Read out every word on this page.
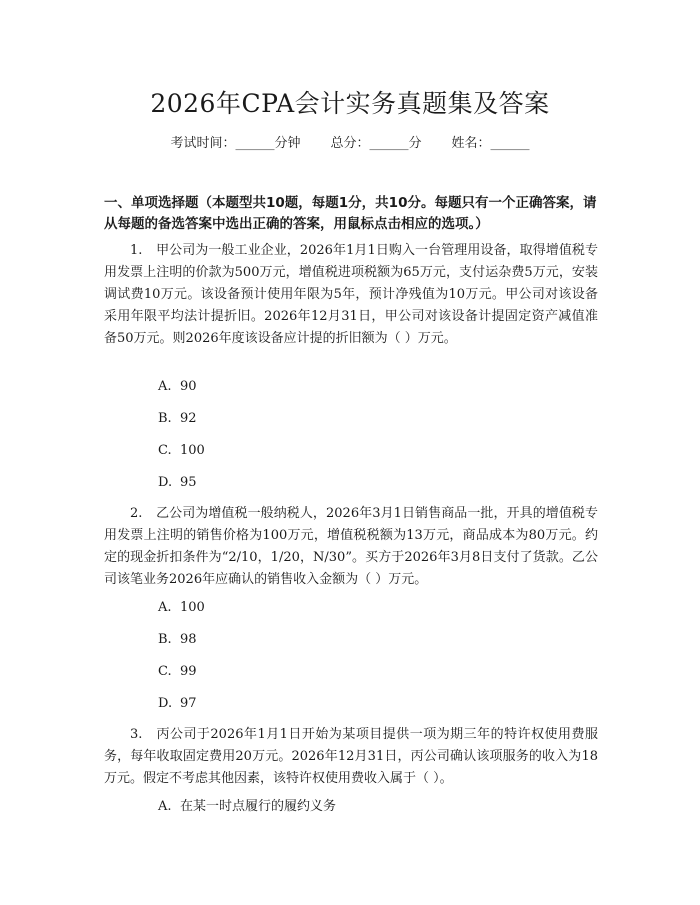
2026年CPA会计实务真题集及答案
考试时间：______分钟 总分：______分 姓名：______

一、单项选择题（本题型共10题，每题1分，共10分。每题只有一个正确答案，请从每题的备选答案中选出正确的答案，用鼠标点击相应的选项。）

1. 甲公司为一般工业企业，2026年1月1日购入一台管理用设备，取得增值税专用发票上注明的价款为500万元，增值税进项税额为65万元，支付运杂费5万元，安装调试费10万元。该设备预计使用年限为5年，预计净残值为10万元。甲公司对该设备采用年限平均法计提折旧。2026年12月31日，甲公司对该设备计提固定资产减值准备50万元。则2026年度该设备应计提的折旧额为（ ）万元。

A. 90
B. 92
C. 100
D. 95

2. 乙公司为增值税一般纳税人，2026年3月1日销售商品一批，开具的增值税专用发票上注明的销售价格为100万元，增值税税额为13万元，商品成本为80万元。约定的现金折扣条件为“2/10，1/20，N/30”。买方于2026年3月8日支付了货款。乙公司该笔业务2026年应确认的销售收入金额为（ ）万元。

A. 100
B. 98
C. 99
D. 97

3. 丙公司于2026年1月1日开始为某项目提供一项为期三年的特许权使用费服务，每年收取固定费用20万元。2026年12月31日，丙公司确认该项服务的收入为18万元。假定不考虑其他因素，该特许权使用费收入属于（ ）。

A. 在某一时点履行的履约义务
